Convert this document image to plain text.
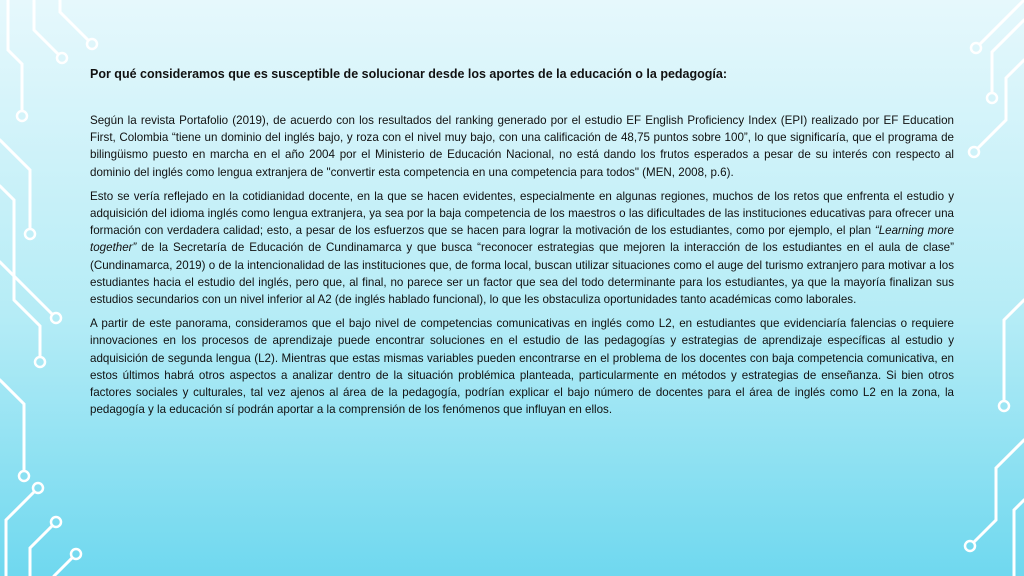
Por qué consideramos que es susceptible de solucionar desde los aportes de la educación o la pedagogía:

Según la revista Portafolio (2019), de acuerdo con los resultados del ranking generado por el estudio EF English Proficiency Index (EPI) realizado por EF Education First, Colombia “tiene un dominio del inglés bajo, y roza con el nivel muy bajo, con una calificación de 48,75 puntos sobre 100”, lo que significaría, que el programa de bilingüismo puesto en marcha en el año 2004 por el Ministerio de Educación Nacional, no está dando los frutos esperados a pesar de su interés con respecto al dominio del inglés como lengua extranjera de "convertir esta competencia en una competencia para todos" (MEN, 2008, p.6).

Esto se vería reflejado en la cotidianidad docente, en la que se hacen evidentes, especialmente en algunas regiones, muchos de los retos que enfrenta el estudio y adquisición del idioma inglés como lengua extranjera, ya sea por la baja competencia de los maestros o las dificultades de las instituciones educativas para ofrecer una formación con verdadera calidad; esto, a pesar de los esfuerzos que se hacen para lograr la motivación de los estudiantes, como por ejemplo, el plan “Learning more together” de la Secretaría de Educación de Cundinamarca y que busca “reconocer estrategias que mejoren la interacción de los estudiantes en el aula de clase” (Cundinamarca, 2019) o de la intencionalidad de las instituciones que, de forma local, buscan utilizar situaciones como el auge del turismo extranjero para motivar a los estudiantes hacia el estudio del inglés, pero que, al final, no parece ser un factor que sea del todo determinante para los estudiantes, ya que la mayoría finalizan sus estudios secundarios con un nivel inferior al A2 (de inglés hablado funcional), lo que les obstaculiza oportunidades tanto académicas como laborales.

A partir de este panorama, consideramos que el bajo nivel de competencias comunicativas en inglés como L2, en estudiantes que evidenciaría falencias o requiere innovaciones en los procesos de aprendizaje puede encontrar soluciones en el estudio de las pedagogías y estrategias de aprendizaje específicas al estudio y adquisición de segunda lengua (L2). Mientras que estas mismas variables pueden encontrarse en el problema de los docentes con baja competencia comunicativa, en estos últimos habrá otros aspectos a analizar dentro de la situación problémica planteada, particularmente en métodos y estrategias de enseñanza. Si bien otros factores sociales y culturales, tal vez ajenos al área de la pedagogía, podrían explicar el bajo número de docentes para el área de inglés como L2 en la zona, la pedagogía y la educación sí podrán aportar a la comprensión de los fenómenos que influyan en ellos.
